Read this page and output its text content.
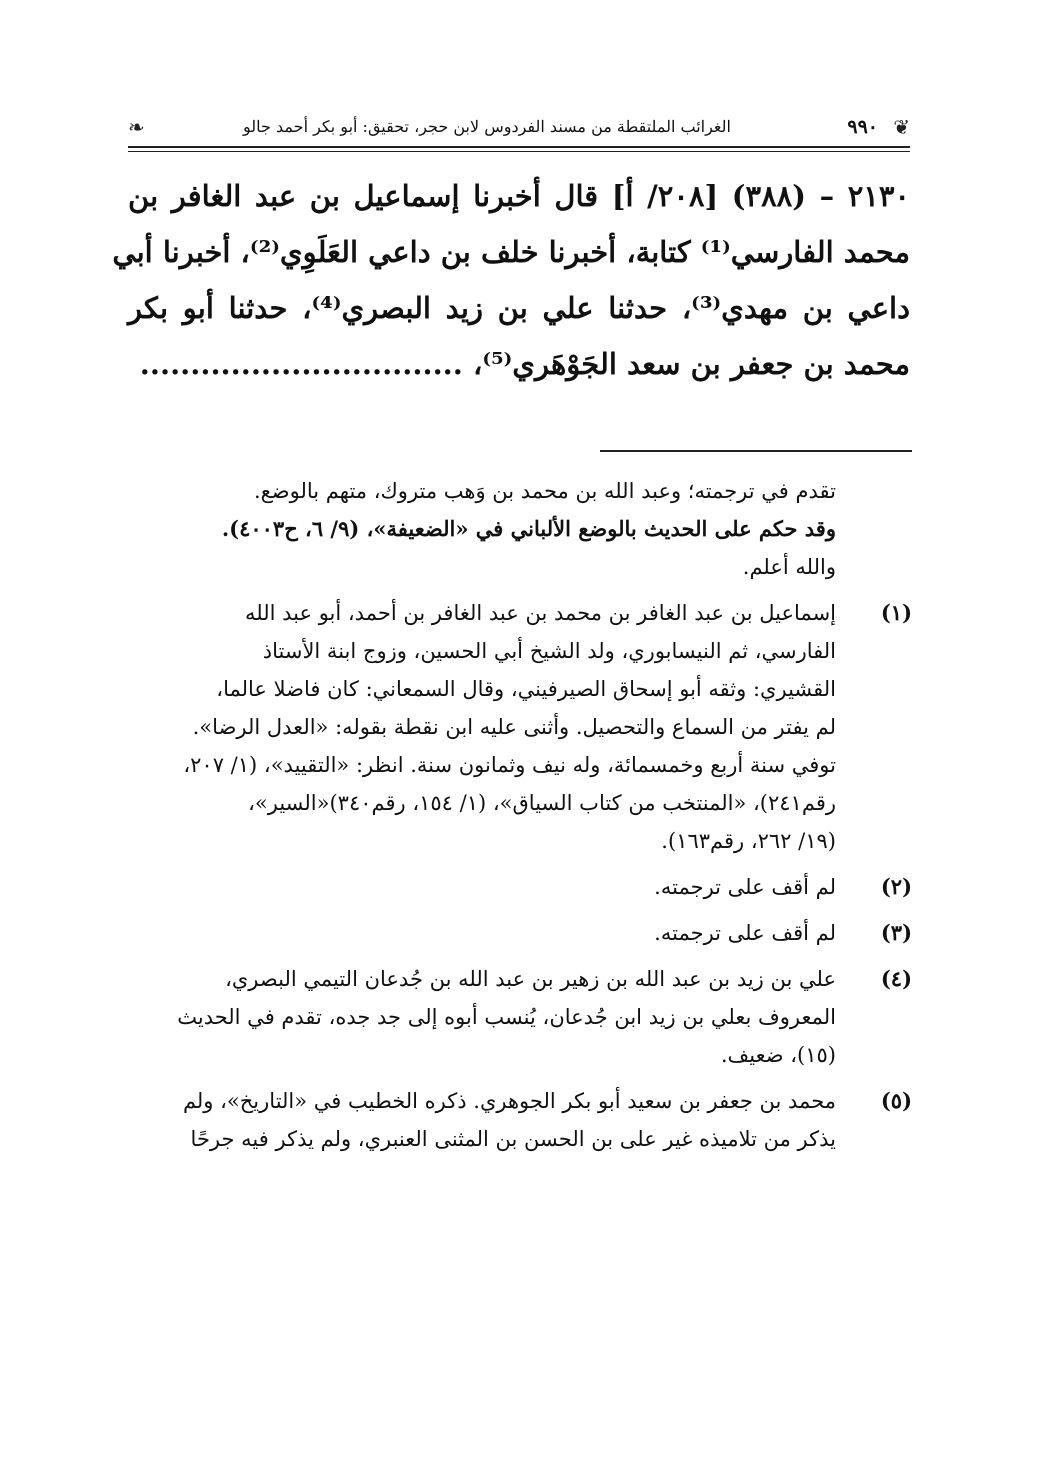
❦
٩٩٠
الغرائب الملتقطة من مسند الفردوس لابن حجر، تحقيق: أبو بكر أحمد جالو
❧
٢١٣٠ – (٣٨٨) [٢٠٨/ أ] قال أخبرنا إسماعيل بن عبد الغافر بن
محمد الفارسي⁽¹⁾ كتابة، أخبرنا خلف بن داعي العَلَوِي⁽²⁾، أخبرنا أبي
داعي بن مهدي⁽³⁾، حدثنا علي بن زيد البصري⁽⁴⁾، حدثنا أبو بكر
محمد بن جعفر بن سعد الجَوْهَري⁽⁵⁾، ................................
تقدم في ترجمته؛ وعبد الله بن محمد بن وَهب متروك، متهم بالوضع.
وقد حكم على الحديث بالوضع الألباني في «الضعيفة»، (٩/ ٦، ح٤٠٠٣).
والله أعلم.
(١)
إسماعيل بن عبد الغافر بن محمد بن عبد الغافر بن أحمد، أبو عبد الله
الفارسي، ثم النيسابوري، ولد الشيخ أبي الحسين، وزوج ابنة الأستاذ
القشيري: وثقه أبو إسحاق الصيرفيني، وقال السمعاني: كان فاضلا عالما،
لم يفتر من السماع والتحصيل. وأثنى عليه ابن نقطة بقوله: «العدل الرضا».
توفي سنة أربع وخمسمائة، وله نيف وثمانون سنة. انظر: «التقييد»، (١/ ٢٠٧،
رقم٢٤١)، «المنتخب من كتاب السياق»، (١/ ١٥٤، رقم٣٤٠)«السير»،
(١٩/ ٢٦٢، رقم١٦٣).
(٢)
لم أقف على ترجمته.
(٣)
لم أقف على ترجمته.
(٤)
علي بن زيد بن عبد الله بن زهير بن عبد الله بن جُدعان التيمي البصري،
المعروف بعلي بن زيد ابن جُدعان، يُنسب أبوه إلى جد جده، تقدم في الحديث
(١٥)، ضعيف.
(٥)
محمد بن جعفر بن سعيد أبو بكر الجوهري. ذكره الخطيب في «التاريخ»، ولم
يذكر من تلاميذه غير على بن الحسن بن المثنى العنبري، ولم يذكر فيه جرحًا
